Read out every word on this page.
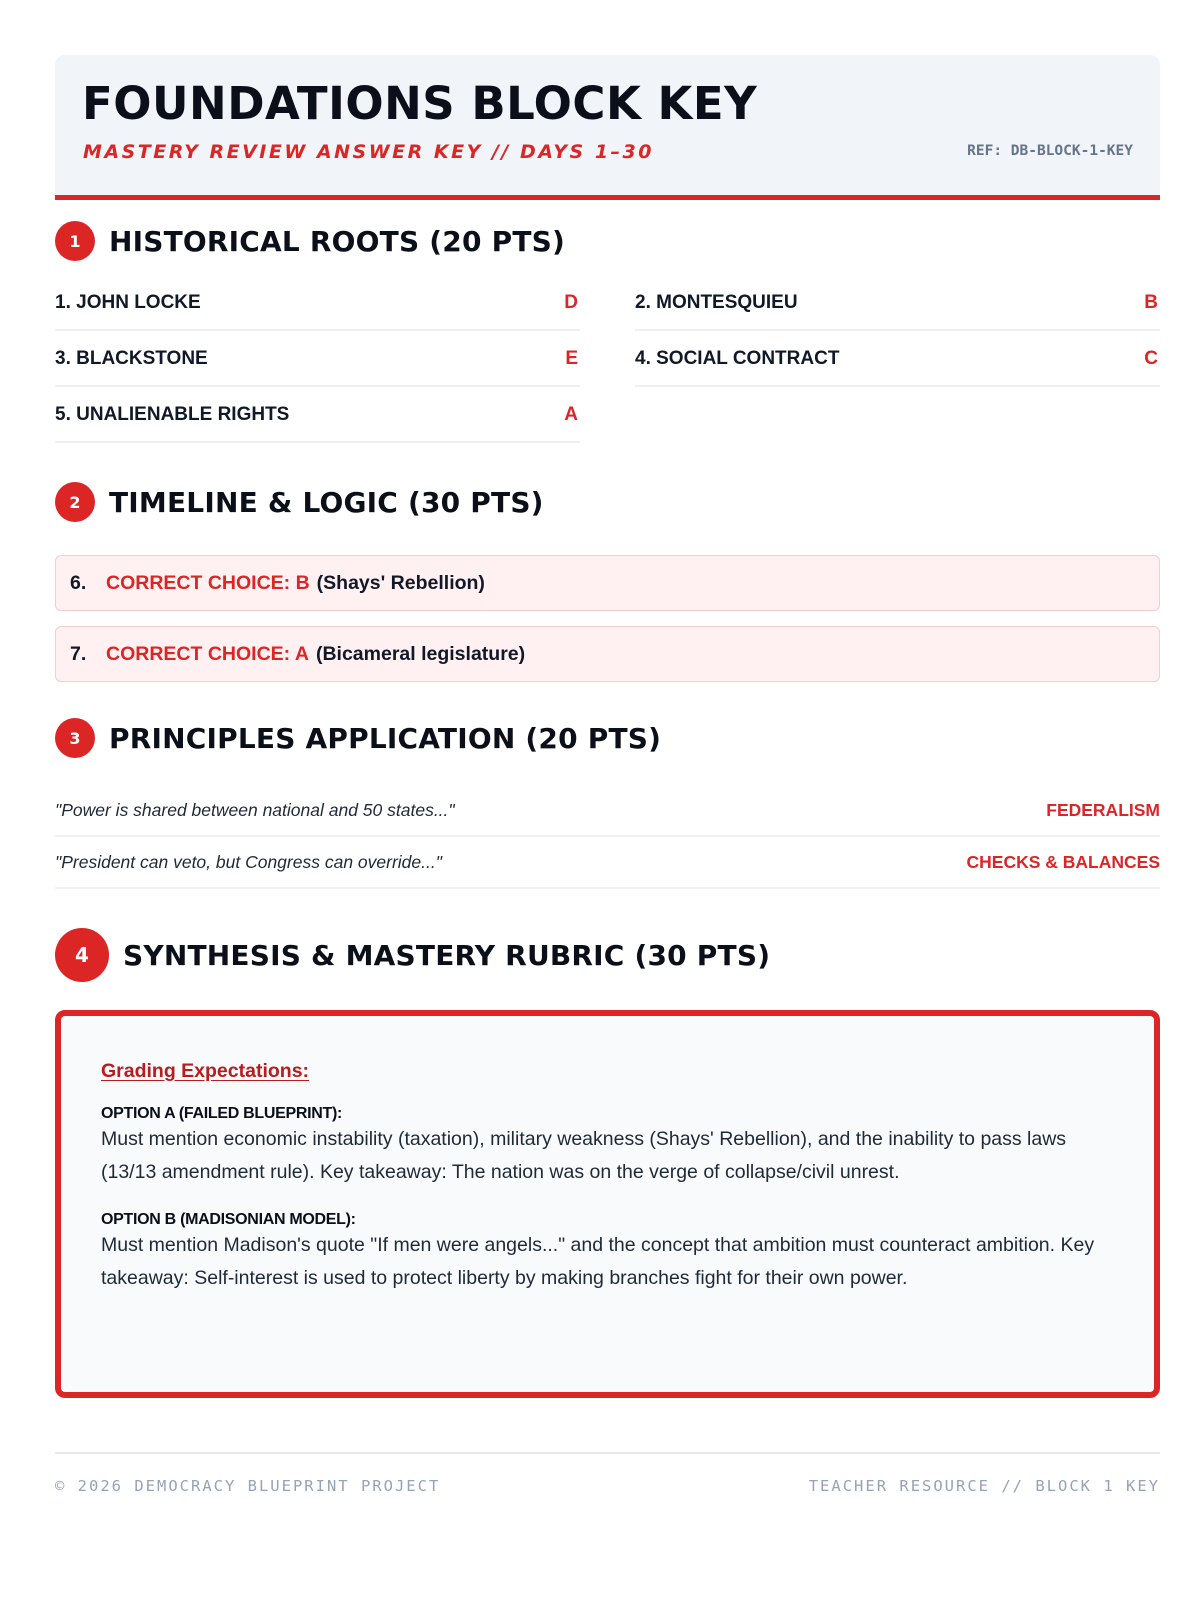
FOUNDATIONS BLOCK KEY
MASTERY REVIEW ANSWER KEY // DAYS 1–30	REF: DB-BLOCK-1-KEY
1	HISTORICAL ROOTS (20 PTS)
1. JOHN LOCKE	D	2. MONTESQUIEU	B
3. BLACKSTONE	E	4. SOCIAL CONTRACT	C
5. UNALIENABLE RIGHTS	A
2	TIMELINE & LOGIC (30 PTS)
6.	CORRECT CHOICE: B (Shays' Rebellion)
7.	CORRECT CHOICE: A (Bicameral legislature)
3	PRINCIPLES APPLICATION (20 PTS)
"Power is shared between national and 50 states..."	FEDERALISM
"President can veto, but Congress can override..."	CHECKS & BALANCES
4	SYNTHESIS & MASTERY RUBRIC (30 PTS)
Grading Expectations:
OPTION A (FAILED BLUEPRINT):
Must mention economic instability (taxation), military weakness (Shays' Rebellion), and the inability to pass laws (13/13 amendment rule). Key takeaway: The nation was on the verge of collapse/civil unrest.
OPTION B (MADISONIAN MODEL):
Must mention Madison's quote "If men were angels..." and the concept that ambition must counteract ambition. Key takeaway: Self-interest is used to protect liberty by making branches fight for their own power.
© 2026 DEMOCRACY BLUEPRINT PROJECT	TEACHER RESOURCE // BLOCK 1 KEY
